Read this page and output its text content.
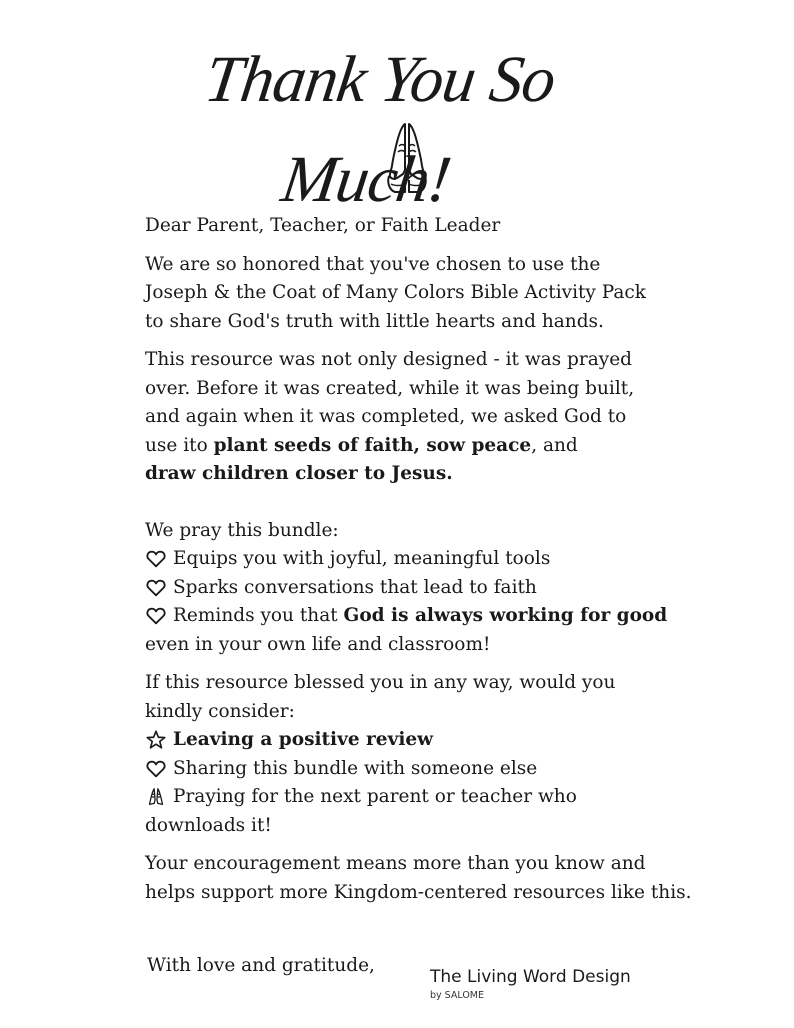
Thank You So Much!

Dear Parent, Teacher, or Faith Leader

We are so honored that you've chosen to use the
Joseph & the Coat of Many Colors Bible Activity Pack
to share God's truth with little hearts and hands.

This resource was not only designed - it was prayed
over. Before it was created, while it was being built,
and again when it was completed, we asked God to
use ito plant seeds of faith, sow peace, and
draw children closer to Jesus.

We pray this bundle:

Equips you with joyful, meaningful tools
Sparks conversations that lead to faith
Reminds you that God is always working for good

even in your own life and classroom!

If this resource blessed you in any way, would you
kindly consider:

Leaving a positive review
Sharing this bundle with someone else
Praying for the next parent or teacher who

downloads it!

Your encouragement means more than you know and
helps support more Kingdom-centered resources like this.

With love and gratitude,
The Living Word Design
by SALOME
